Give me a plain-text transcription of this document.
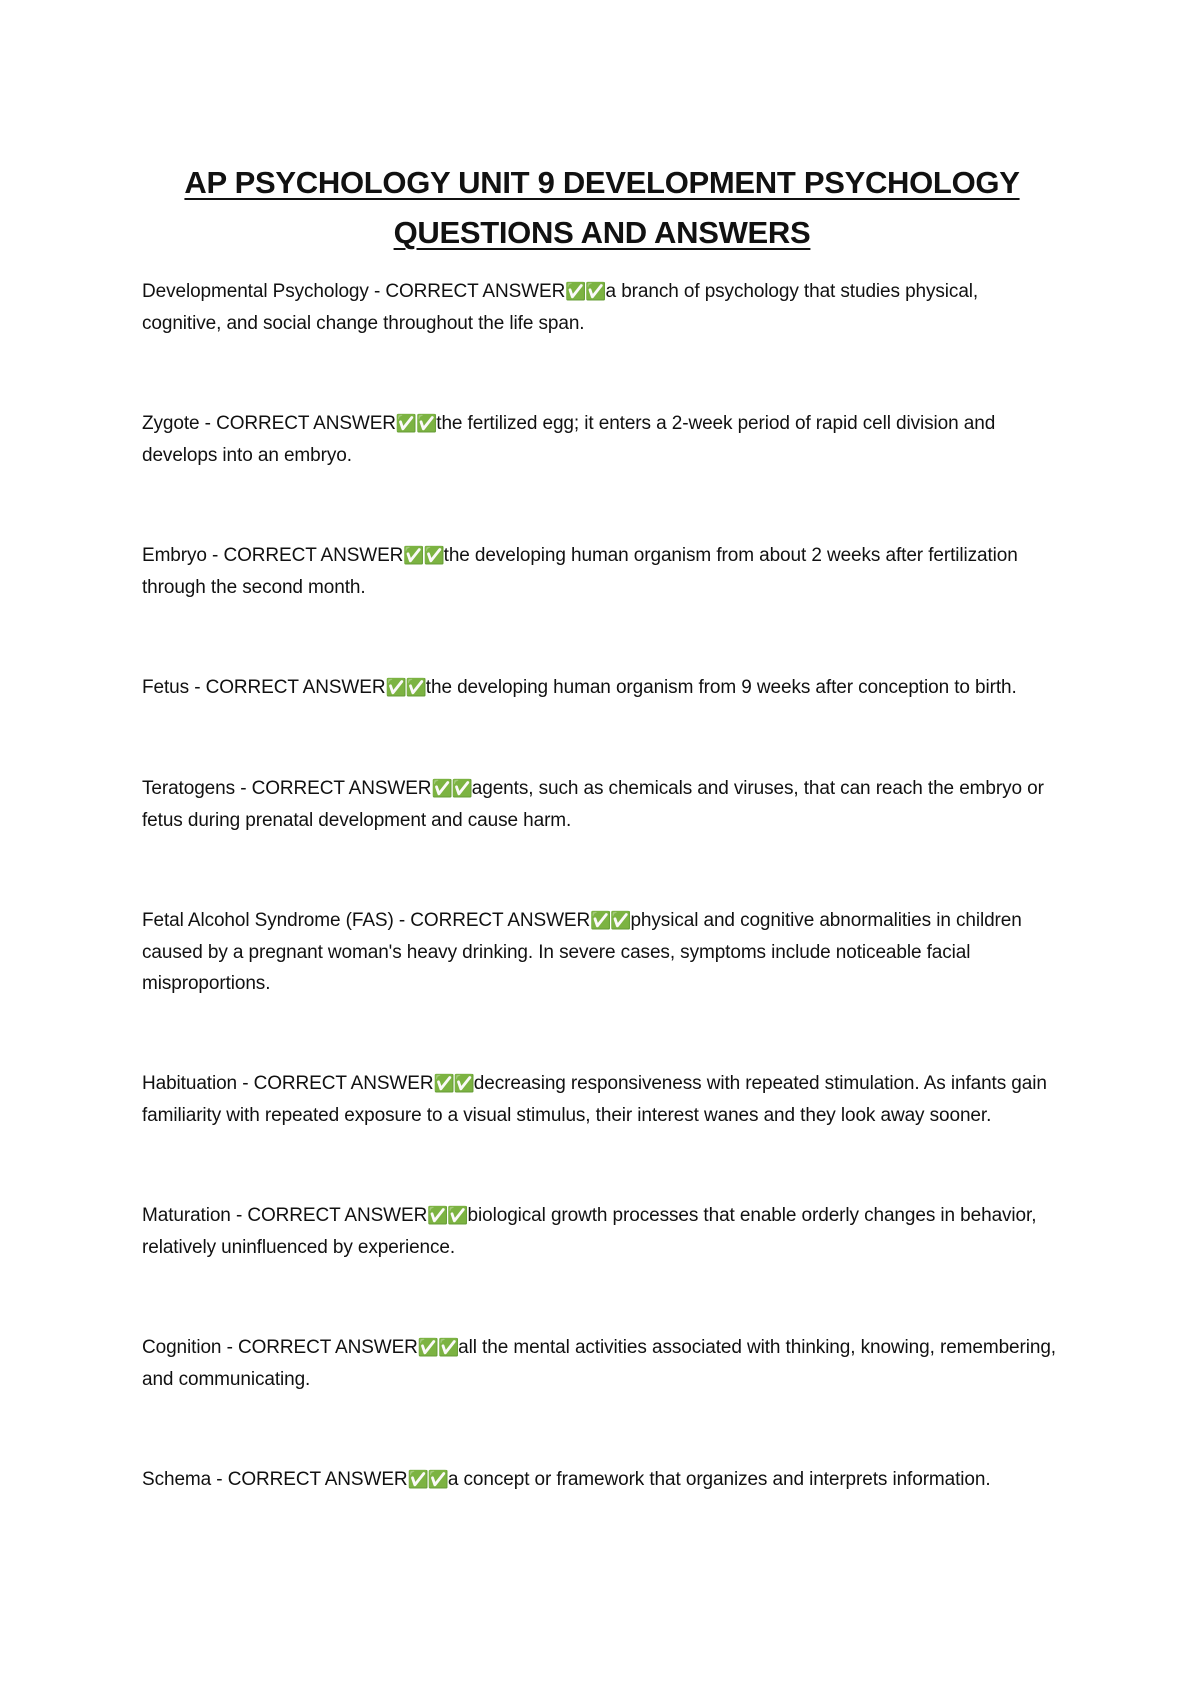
AP PSYCHOLOGY UNIT 9 DEVELOPMENT PSYCHOLOGY
QUESTIONS AND ANSWERS
Developmental Psychology - CORRECT ANSWER✅✅a branch of psychology that studies physical, cognitive, and social change throughout the life span.
Zygote - CORRECT ANSWER✅✅the fertilized egg; it enters a 2-week period of rapid cell division and develops into an embryo.
Embryo - CORRECT ANSWER✅✅the developing human organism from about 2 weeks after fertilization through the second month.
Fetus - CORRECT ANSWER✅✅the developing human organism from 9 weeks after conception to birth.
Teratogens - CORRECT ANSWER✅✅agents, such as chemicals and viruses, that can reach the embryo or fetus during prenatal development and cause harm.
Fetal Alcohol Syndrome (FAS) - CORRECT ANSWER✅✅physical and cognitive abnormalities in children caused by a pregnant woman's heavy drinking. In severe cases, symptoms include noticeable facial misproportions.
Habituation - CORRECT ANSWER✅✅decreasing responsiveness with repeated stimulation. As infants gain familiarity with repeated exposure to a visual stimulus, their interest wanes and they look away sooner.
Maturation - CORRECT ANSWER✅✅biological growth processes that enable orderly changes in behavior, relatively uninfluenced by experience.
Cognition - CORRECT ANSWER✅✅all the mental activities associated with thinking, knowing, remembering, and communicating.
Schema - CORRECT ANSWER✅✅a concept or framework that organizes and interprets information.
